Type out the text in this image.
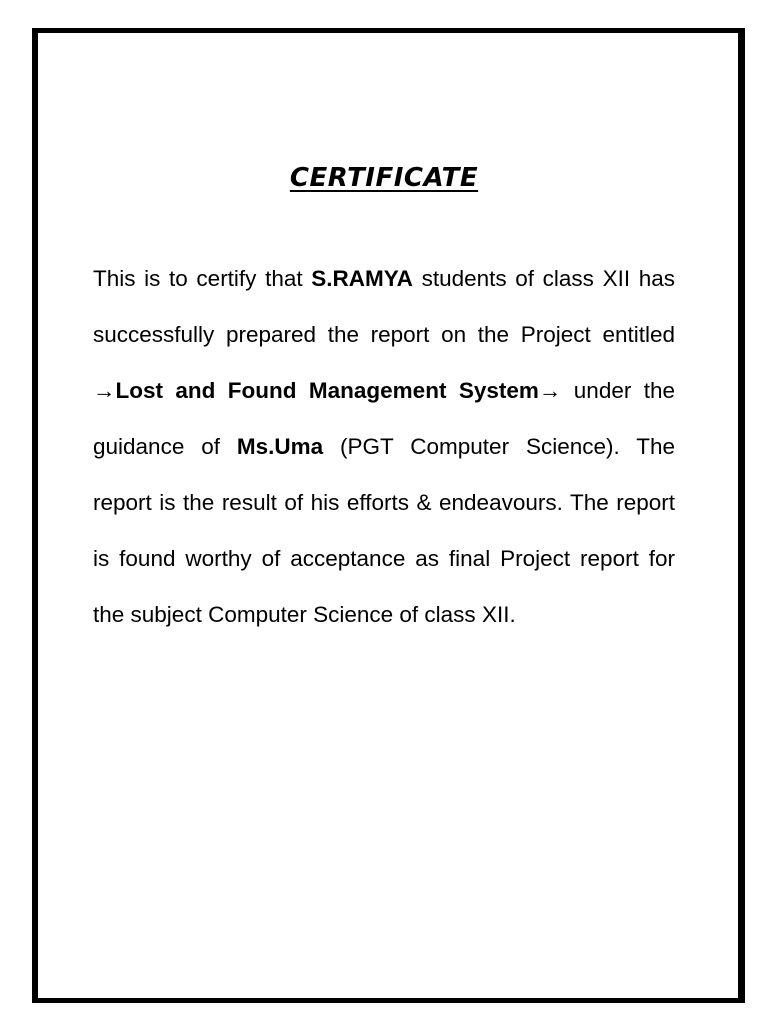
CERTIFICATE

This is to certify that S.RAMYA students of class XII has successfully prepared the report on the Project entitled →Lost and Found Management System→ under the guidance of Ms.Uma (PGT Computer Science). The report is the result of his efforts & endeavours. The report is found worthy of acceptance as final Project report for the subject Computer Science of class XII.
